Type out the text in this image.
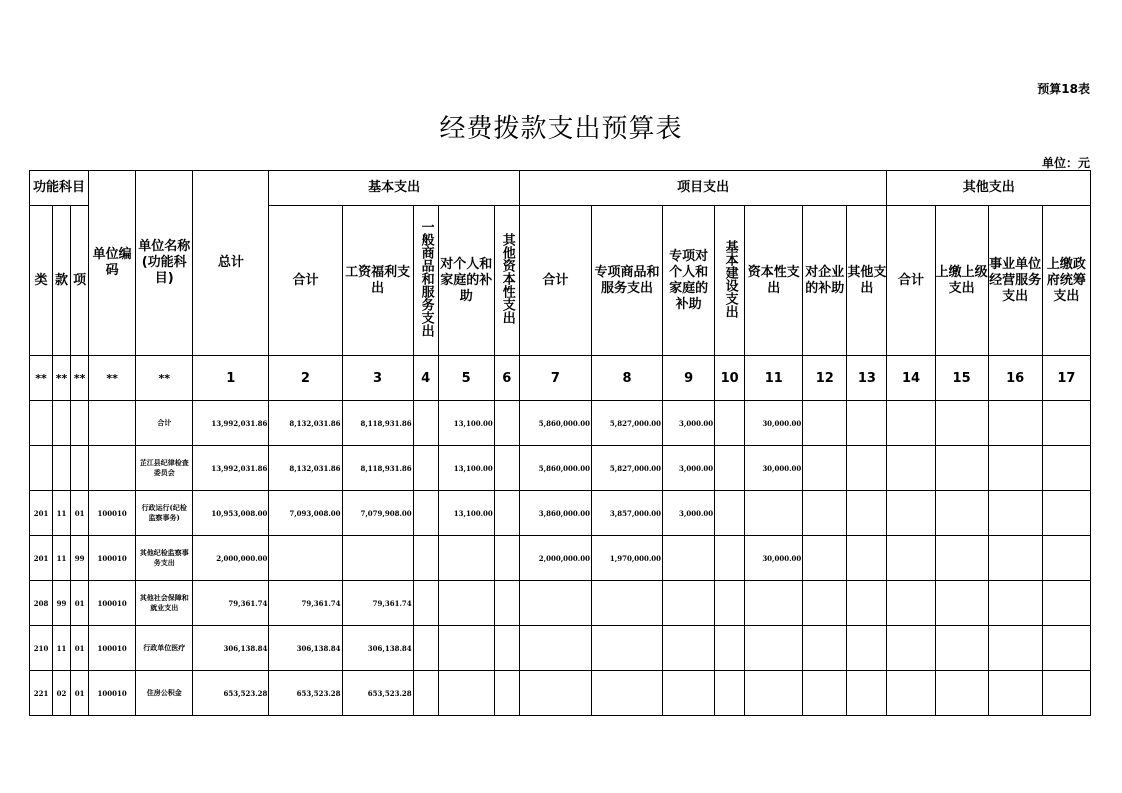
预算18表
经费拨款支出预算表
单位：元
功能科目			单位编码	单位名称(功能科目)	总计	基本支出					项目支出							其他支出			
类	款	项				合计	工资福利支出	一般商品和服务支出	对个人和家庭的补助	其他资本性支出	合计	专项商品和服务支出	专项对个人和家庭的补助	基本建设支出	资本性支出	对企业的补助	其他支出	合计	上缴上级支出	事业单位经营服务支出	上缴政府统筹支出
**	**	**	**	**	1	2	3	4	5	6	7	8	9	10	11	12	13	14	15	16	17
				合计	13,992,031.86	8,132,031.86	8,118,931.86		13,100.00		5,860,000.00	5,827,000.00	3,000.00		30,000.00						
				芷江县纪律检查委员会	13,992,031.86	8,132,031.86	8,118,931.86		13,100.00		5,860,000.00	5,827,000.00	3,000.00		30,000.00						
201	11	01	100010	行政运行(纪检监察事务)	10,953,008.00	7,093,008.00	7,079,908.00		13,100.00		3,860,000.00	3,857,000.00	3,000.00								
201	11	99	100010	其他纪检监察事务支出	2,000,000.00						2,000,000.00	1,970,000.00			30,000.00						
208	99	01	100010	其他社会保障和就业支出	79,361.74	79,361.74	79,361.74														
210	11	01	100010	行政单位医疗	306,138.84	306,138.84	306,138.84														
221	02	01	100010	住房公积金	653,523.28	653,523.28	653,523.28														
